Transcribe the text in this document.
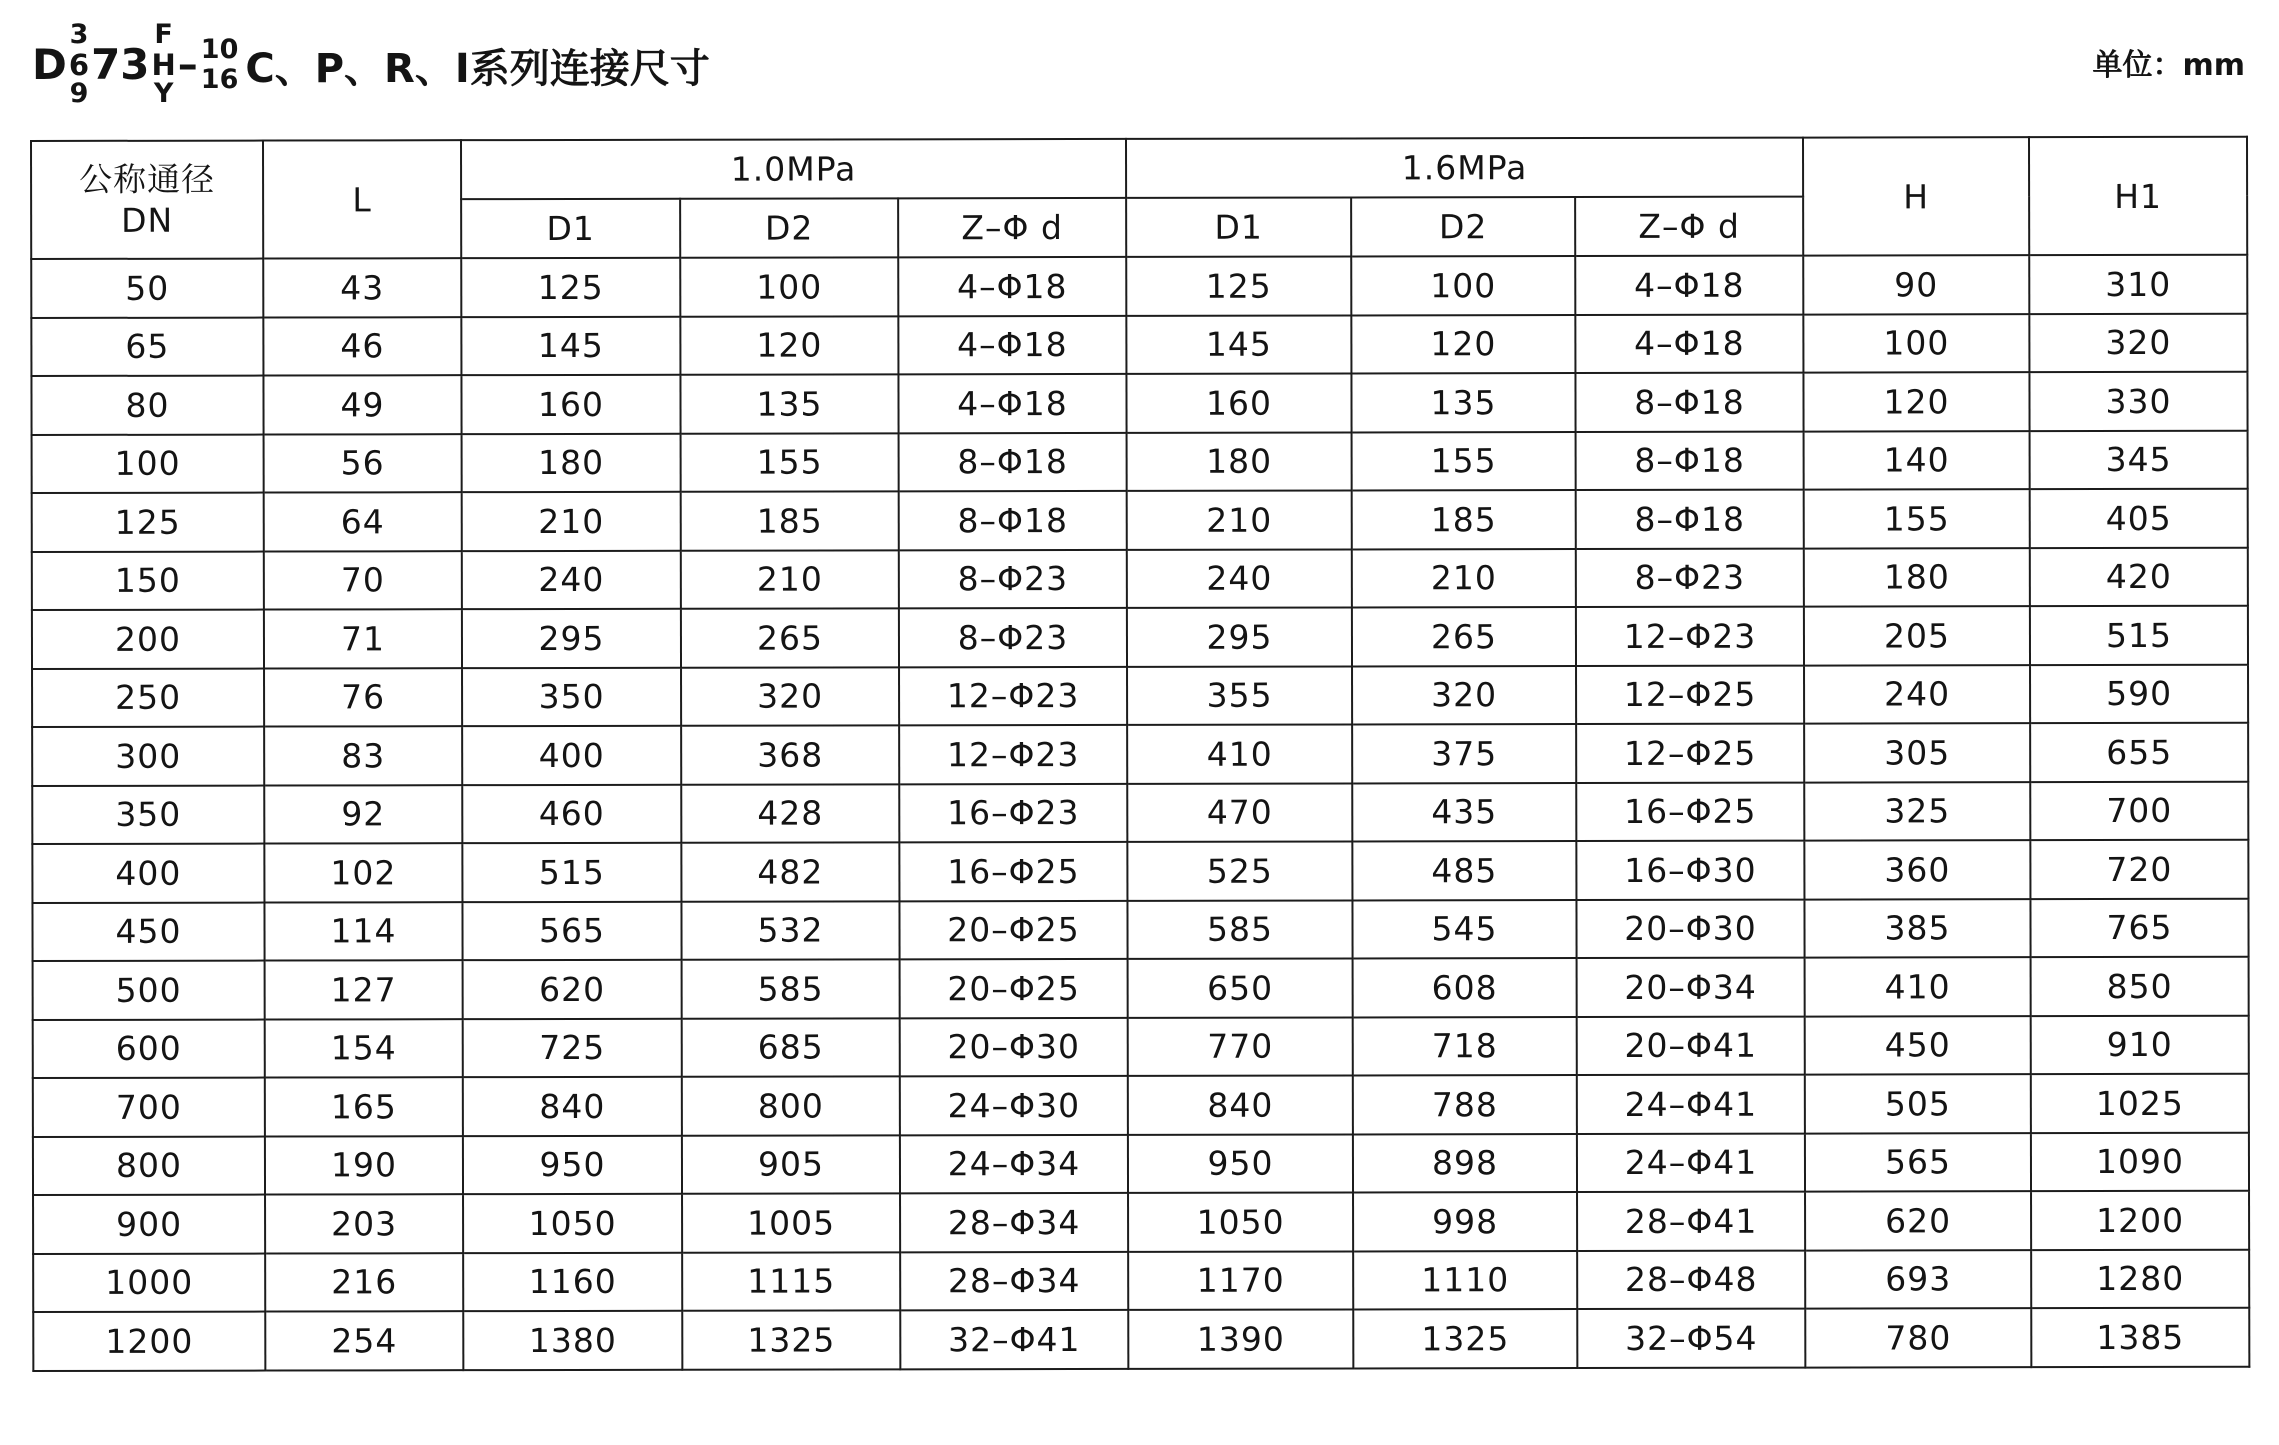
D
3
6
9
73
F
H
Y
– 10
16 C、P、R、I系列连接尺寸	单位：mm
公称通径
DN	L	1.0MPa			1.6MPa			H	H1
		D1	D2	Z–Φ d	D1	D2	Z–Φ d		
50	43	125	100	4–Φ18	125	100	4–Φ18	90	310
65	46	145	120	4–Φ18	145	120	4–Φ18	100	320
80	49	160	135	4–Φ18	160	135	8–Φ18	120	330
100	56	180	155	8–Φ18	180	155	8–Φ18	140	345
125	64	210	185	8–Φ18	210	185	8–Φ18	155	405
150	70	240	210	8–Φ23	240	210	8–Φ23	180	420
200	71	295	265	8–Φ23	295	265	12–Φ23	205	515
250	76	350	320	12–Φ23	355	320	12–Φ25	240	590
300	83	400	368	12–Φ23	410	375	12–Φ25	305	655
350	92	460	428	16–Φ23	470	435	16–Φ25	325	700
400	102	515	482	16–Φ25	525	485	16–Φ30	360	720
450	114	565	532	20–Φ25	585	545	20–Φ30	385	765
500	127	620	585	20–Φ25	650	608	20–Φ34	410	850
600	154	725	685	20–Φ30	770	718	20–Φ41	450	910
700	165	840	800	24–Φ30	840	788	24–Φ41	505	1025
800	190	950	905	24–Φ34	950	898	24–Φ41	565	1090
900	203	1050	1005	28–Φ34	1050	998	28–Φ41	620	1200
1000	216	1160	1115	28–Φ34	1170	1110	28–Φ48	693	1280
1200	254	1380	1325	32–Φ41	1390	1325	32–Φ54	780	1385
